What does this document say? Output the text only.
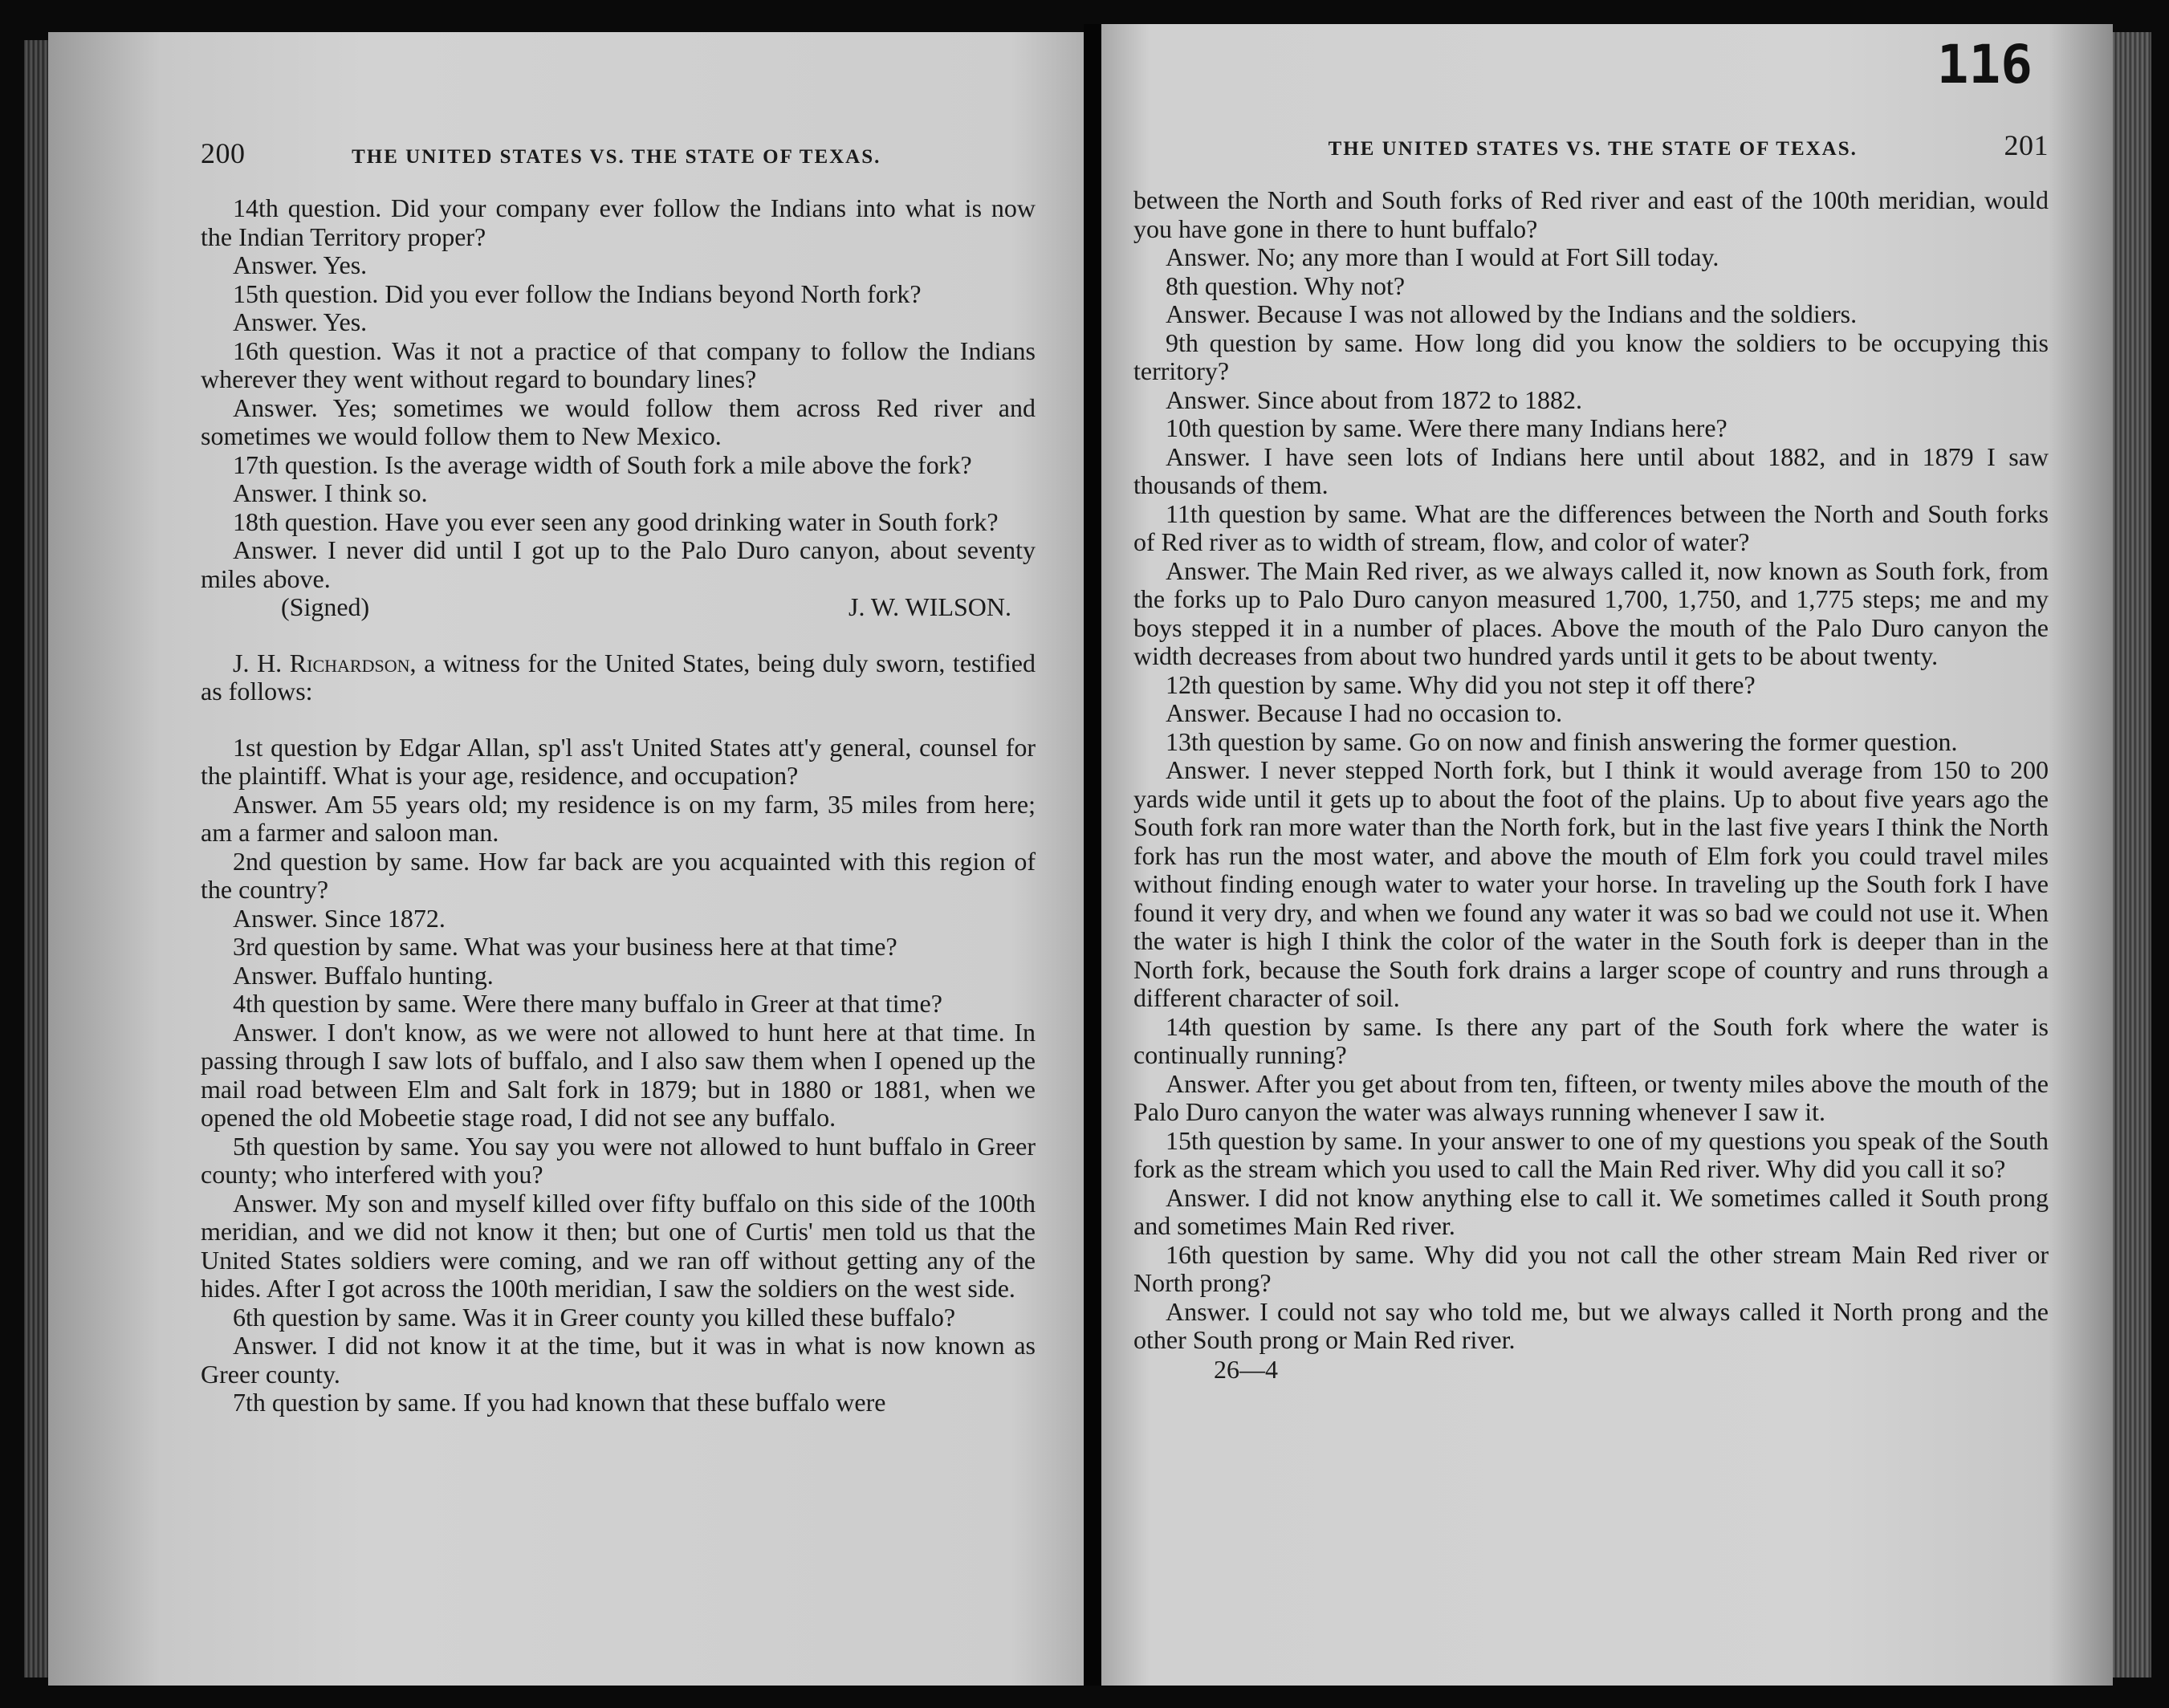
200	THE UNITED STATES VS. THE STATE OF TEXAS.

14th question. Did your company ever follow the Indians into what is now the Indian Territory proper?

Answer. Yes.

15th question. Did you ever follow the Indians beyond North fork?

Answer. Yes.

16th question. Was it not a practice of that company to follow the Indians wherever they went without regard to boundary lines?

Answer. Yes; sometimes we would follow them across Red river and sometimes we would follow them to New Mexico.

17th question. Is the average width of South fork a mile above the fork?

Answer. I think so.

18th question. Have you ever seen any good drinking water in South fork?

Answer. I never did until I got up to the Palo Duro canyon, about seventy miles above.

(Signed)	J. W. WILSON.

J. H. Richardson, a witness for the United States, being duly sworn, testified as follows:

1st question by Edgar Allan, sp'l ass't United States att'y general, counsel for the plaintiff. What is your age, residence, and occupation?

Answer. Am 55 years old; my residence is on my farm, 35 miles from here; am a farmer and saloon man.

2nd question by same. How far back are you acquainted with this region of the country?

Answer. Since 1872.

3rd question by same. What was your business here at that time?

Answer. Buffalo hunting.

4th question by same. Were there many buffalo in Greer at that time?

Answer. I don't know, as we were not allowed to hunt here at that time. In passing through I saw lots of buffalo, and I also saw them when I opened up the mail road between Elm and Salt fork in 1879; but in 1880 or 1881, when we opened the old Mobeetie stage road, I did not see any buffalo.

5th question by same. You say you were not allowed to hunt buffalo in Greer county; who interfered with you?

Answer. My son and myself killed over fifty buffalo on this side of the 100th meridian, and we did not know it then; but one of Curtis' men told us that the United States soldiers were coming, and we ran off without getting any of the hides. After I got across the 100th meridian, I saw the soldiers on the west side.

6th question by same. Was it in Greer county you killed these buffalo?

Answer. I did not know it at the time, but it was in what is now known as Greer county.

7th question by same. If you had known that these buffalo were

116
THE UNITED STATES VS. THE STATE OF TEXAS.	201

between the North and South forks of Red river and east of the 100th meridian, would you have gone in there to hunt buffalo?

Answer. No; any more than I would at Fort Sill today.

8th question. Why not?

Answer. Because I was not allowed by the Indians and the soldiers.

9th question by same. How long did you know the soldiers to be occupying this territory?

Answer. Since about from 1872 to 1882.

10th question by same. Were there many Indians here?

Answer. I have seen lots of Indians here until about 1882, and in 1879 I saw thousands of them.

11th question by same. What are the differences between the North and South forks of Red river as to width of stream, flow, and color of water?

Answer. The Main Red river, as we always called it, now known as South fork, from the forks up to Palo Duro canyon measured 1,700, 1,750, and 1,775 steps; me and my boys stepped it in a number of places. Above the mouth of the Palo Duro canyon the width decreases from about two hundred yards until it gets to be about twenty.

12th question by same. Why did you not step it off there?

Answer. Because I had no occasion to.

13th question by same. Go on now and finish answering the former question.

Answer. I never stepped North fork, but I think it would average from 150 to 200 yards wide until it gets up to about the foot of the plains. Up to about five years ago the South fork ran more water than the North fork, but in the last five years I think the North fork has run the most water, and above the mouth of Elm fork you could travel miles without finding enough water to water your horse. In traveling up the South fork I have found it very dry, and when we found any water it was so bad we could not use it. When the water is high I think the color of the water in the South fork is deeper than in the North fork, because the South fork drains a larger scope of country and runs through a different character of soil.

14th question by same. Is there any part of the South fork where the water is continually running?

Answer. After you get about from ten, fifteen, or twenty miles above the mouth of the Palo Duro canyon the water was always running whenever I saw it.

15th question by same. In your answer to one of my questions you speak of the South fork as the stream which you used to call the Main Red river. Why did you call it so?

Answer. I did not know anything else to call it. We sometimes called it South prong and sometimes Main Red river.

16th question by same. Why did you not call the other stream Main Red river or North prong?

Answer. I could not say who told me, but we always called it North prong and the other South prong or Main Red river.

26—4
